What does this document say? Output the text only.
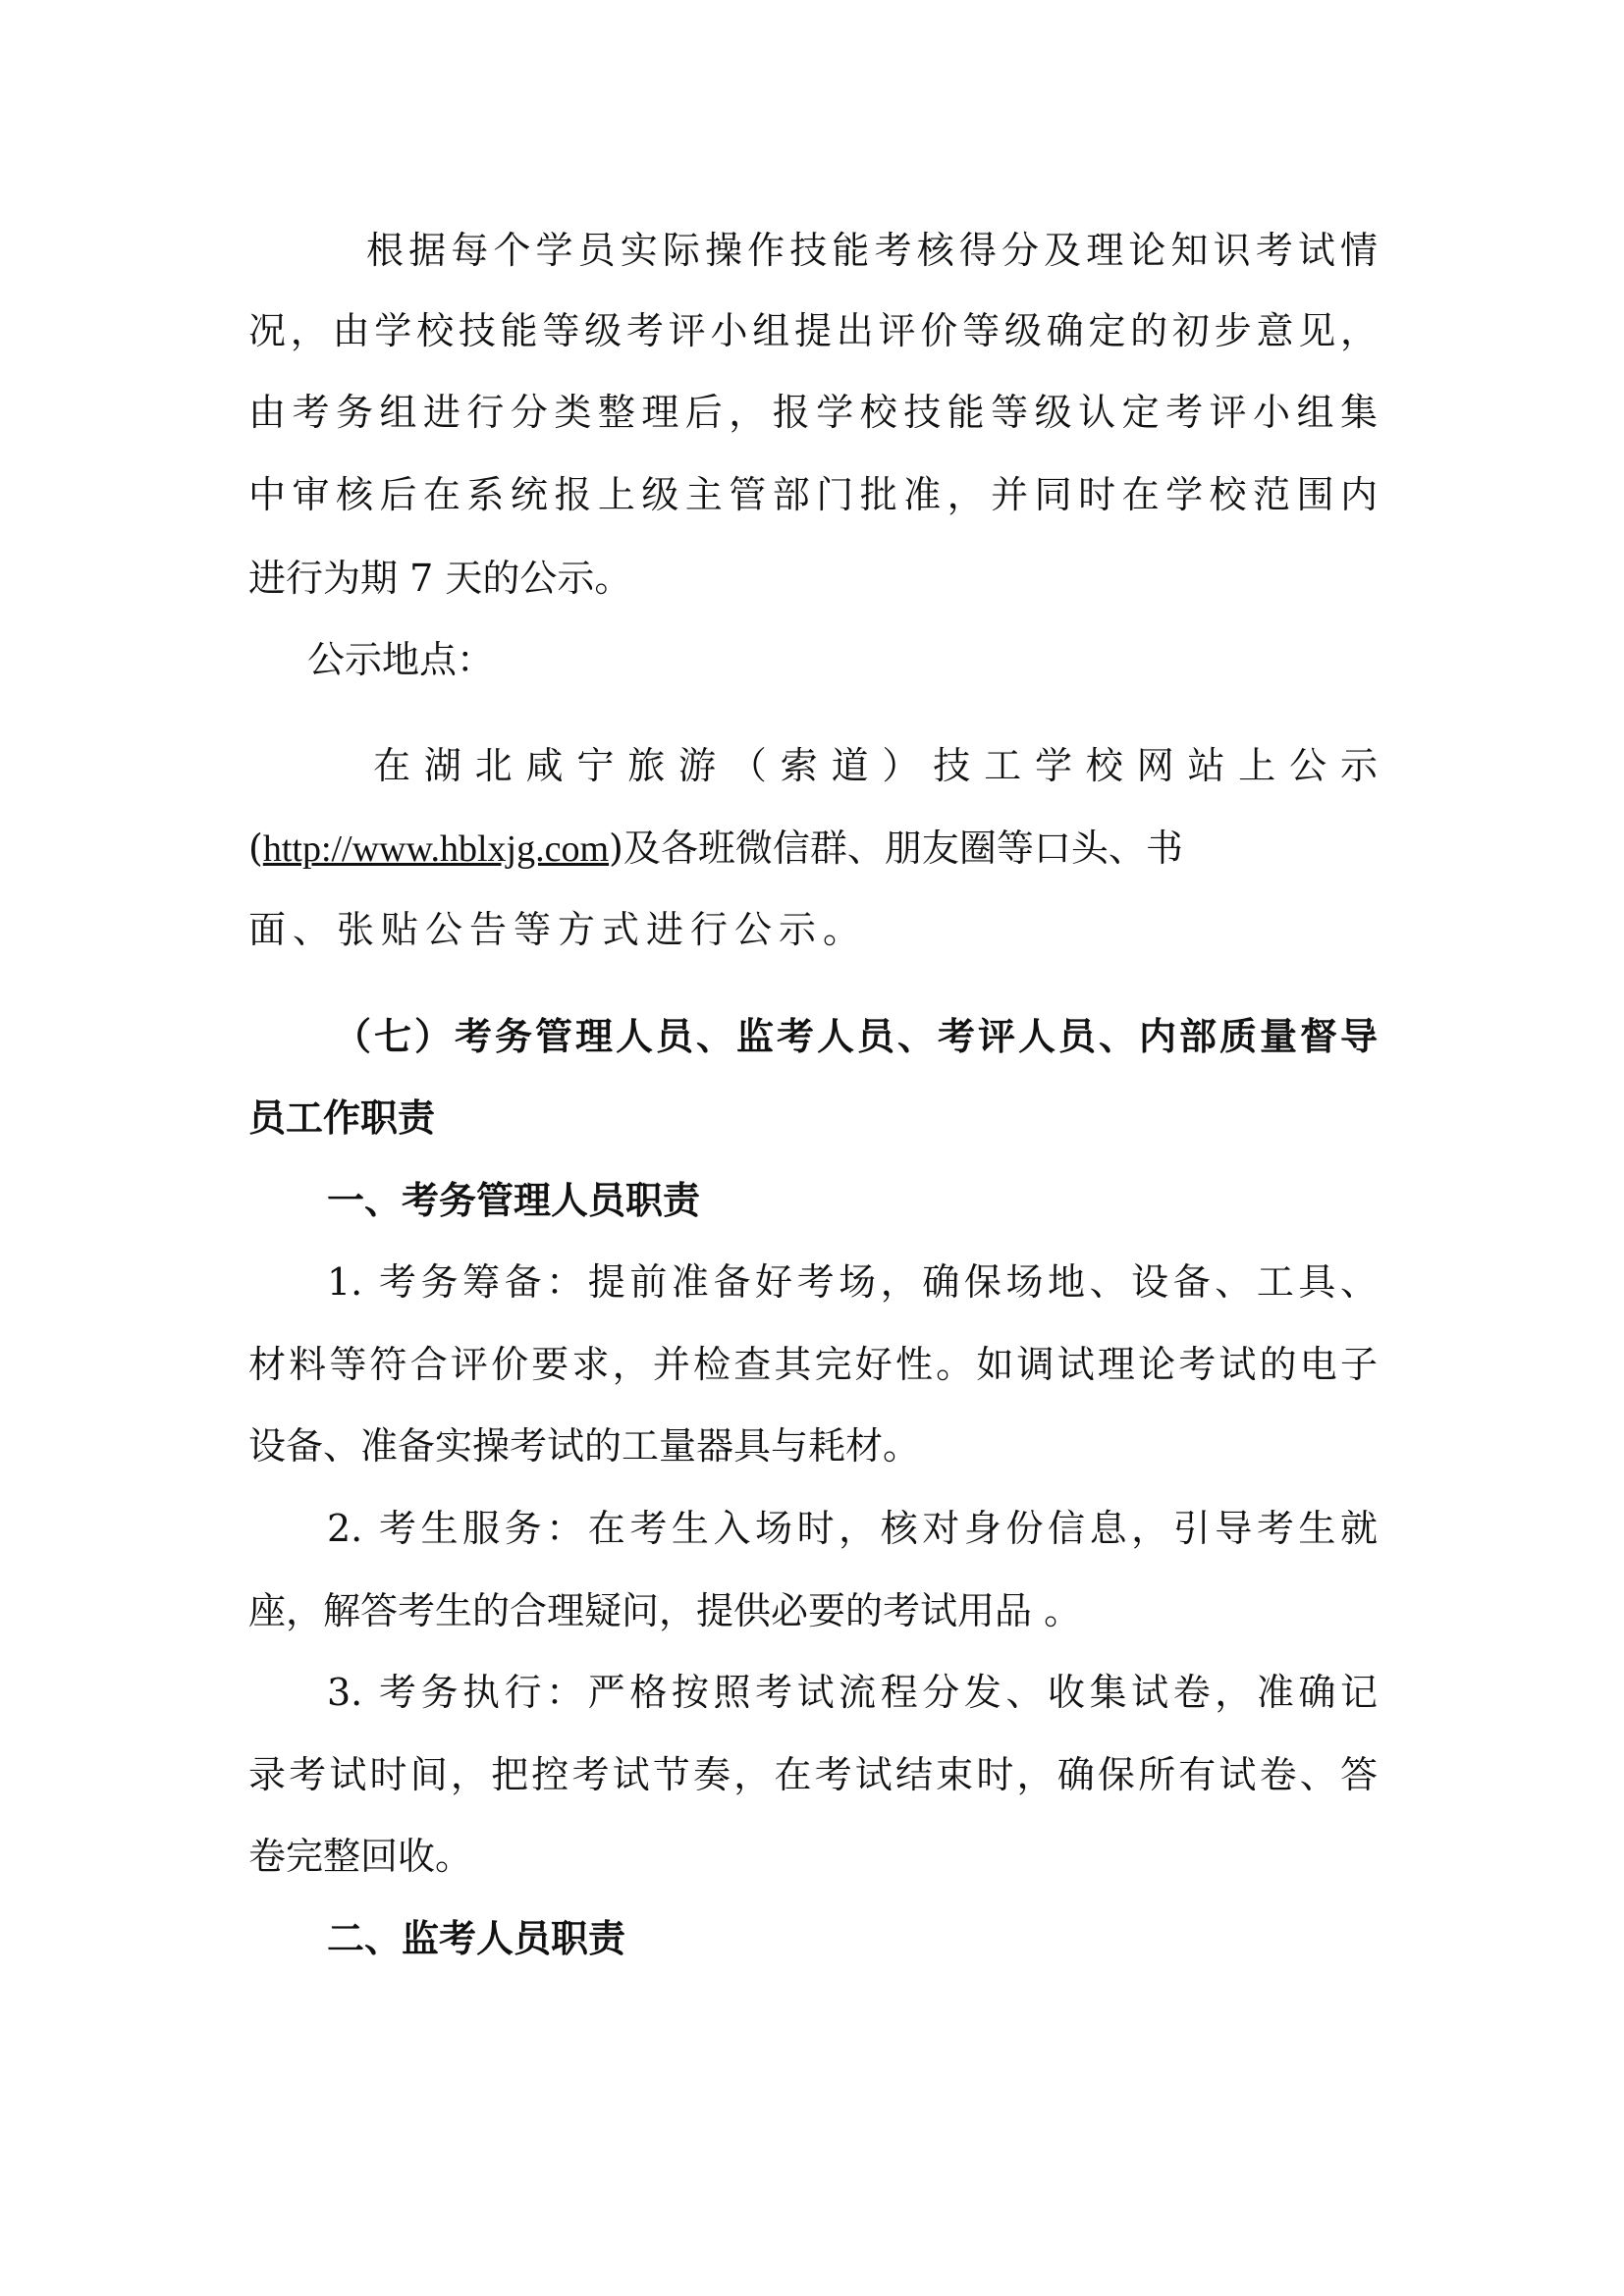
根据每个学员实际操作技能考核得分及理论知识考试情
况，由学校技能等级考评小组提出评价等级确定的初步意见，
由考务组进行分类整理后，报学校技能等级认定考评小组集
中审核后在系统报上级主管部门批准，并同时在学校范围内
进行为期 7 天的公示。
公示地点：
在湖北咸宁旅游（索道）技工学校网站上公示
(http://www.hblxjg.com)及各班微信群、朋友圈等口头、书
面、张贴公告等方式进行公示。
（七）考务管理人员、监考人员、考评人员、内部质量督导
员工作职责
一、考务管理人员职责
1. 考务筹备：提前准备好考场，确保场地、设备、工具、
材料等符合评价要求，并检查其完好性。如调试理论考试的电子
设备、准备实操考试的工量器具与耗材。
2. 考生服务：在考生入场时，核对身份信息，引导考生就
座，解答考生的合理疑问，提供必要的考试用品 。
3. 考务执行：严格按照考试流程分发、收集试卷，准确记
录考试时间，把控考试节奏，在考试结束时，确保所有试卷、答
卷完整回收。
二、监考人员职责
